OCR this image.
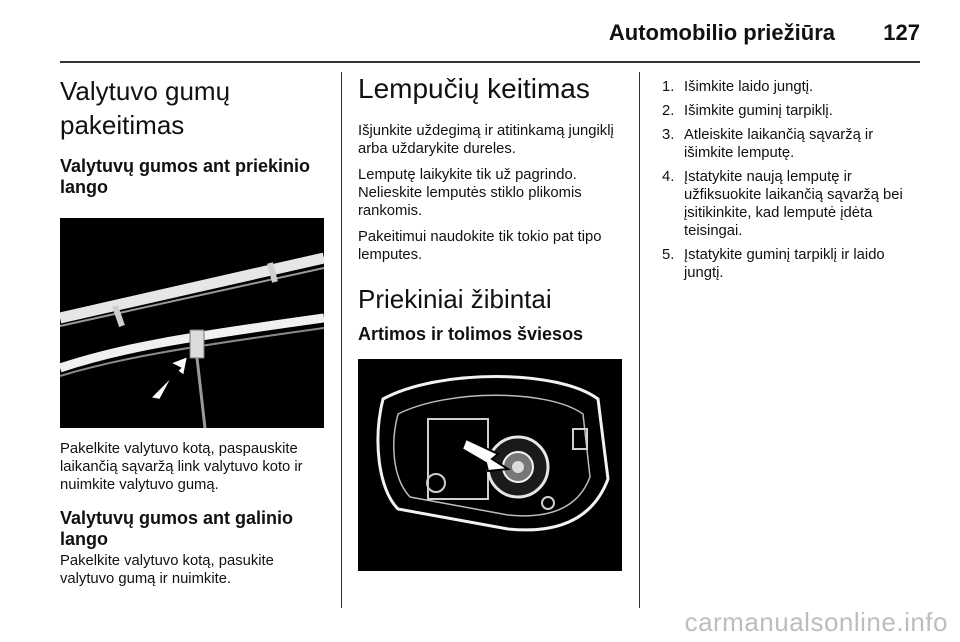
Automobilio priežiūra 127
Valytuvo gumų pakeitimas
Valytuvų gumos ant priekinio lango

Pakelkite valytuvo kotą, paspauskite laikančią sąvaržą link valytuvo koto ir nuimkite valytuvo gumą.

Valytuvų gumos ant galinio lango

Pakelkite valytuvo kotą, pasukite valytuvo gumą ir nuimkite.

Lempučių keitimas

Išjunkite uždegimą ir atitinkamą jungiklį arba uždarykite dureles.

Lemputę laikykite tik už pagrindo. Nelieskite lemputės stiklo plikomis rankomis.

Pakeitimui naudokite tik tokio pat tipo lemputes.

Priekiniai žibintai
Artimos ir tolimos šviesos
1. Išimkite laido jungtį.
2. Išimkite guminį tarpiklį.
3. Atleiskite laikančią sąvaržą ir išimkite lemputę.
4. Įstatykite naują lemputę ir užfiksuokite laikančią sąvaržą bei įsitikinkite, kad lemputė įdėta teisingai.
5. Įstatykite guminį tarpiklį ir laido jungtį.
carmanualsonline.info
